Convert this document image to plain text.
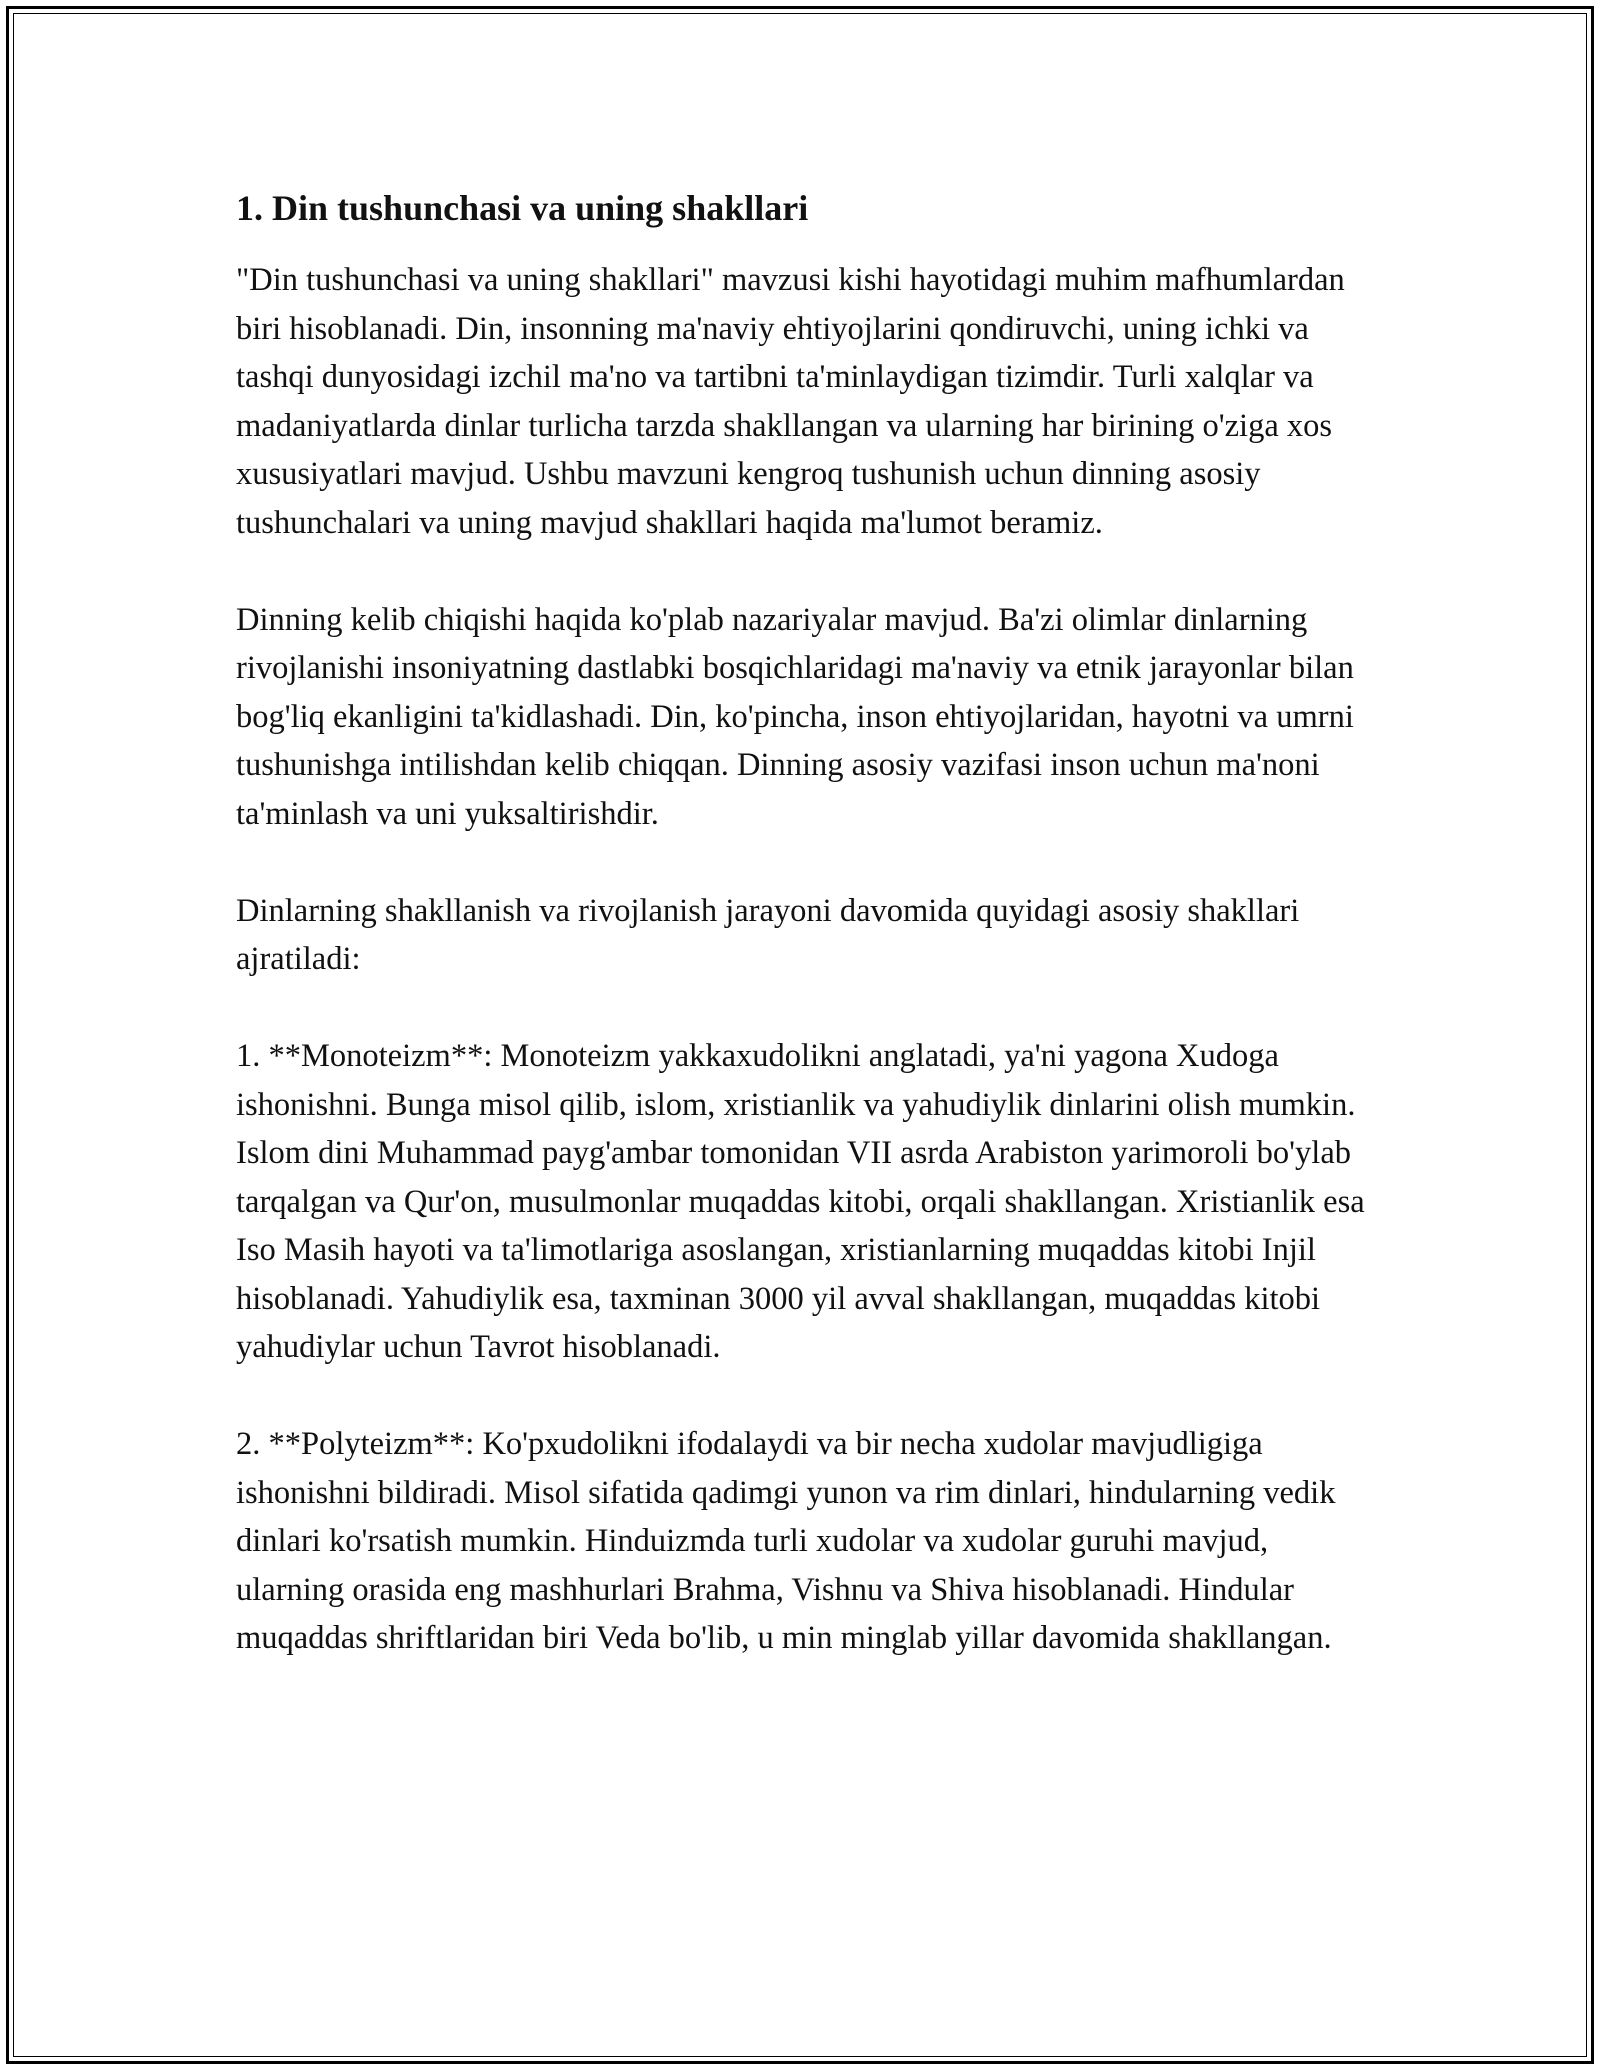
1. Din tushunchasi va uning shakllari

"Din tushunchasi va uning shakllari" mavzusi kishi hayotidagi muhim mafhumlardan biri hisoblanadi. Din, insonning ma'naviy ehtiyojlarini qondiruvchi, uning ichki va tashqi dunyosidagi izchil ma'no va tartibni ta'minlaydigan tizimdir. Turli xalqlar va madaniyatlarda dinlar turlicha tarzda shakllangan va ularning har birining o'ziga xos xususiyatlari mavjud. Ushbu mavzuni kengroq tushunish uchun dinning asosiy tushunchalari va uning mavjud shakllari haqida ma'lumot beramiz.

Dinning kelib chiqishi haqida ko'plab nazariyalar mavjud. Ba'zi olimlar dinlarning rivojlanishi insoniyatning dastlabki bosqichlaridagi ma'naviy va etnik jarayonlar bilan bog'liq ekanligini ta'kidlashadi. Din, ko'pincha, inson ehtiyojlaridan, hayotni va umrni tushunishga intilishdan kelib chiqqan. Dinning asosiy vazifasi inson uchun ma'noni ta'minlash va uni yuksaltirishdir.

Dinlarning shakllanish va rivojlanish jarayoni davomida quyidagi asosiy shakllari ajratiladi:

1. **Monoteizm**: Monoteizm yakkaxudolikni anglatadi, ya'ni yagona Xudoga ishonishni. Bunga misol qilib, islom, xristianlik va yahudiylik dinlarini olish mumkin. Islom dini Muhammad payg'ambar tomonidan VII asrda Arabiston yarimoroli bo'ylab tarqalgan va Qur'on, musulmonlar muqaddas kitobi, orqali shakllangan. Xristianlik esa Iso Masih hayoti va ta'limotlariga asoslangan, xristianlarning muqaddas kitobi Injil hisoblanadi. Yahudiylik esa, taxminan 3000 yil avval shakllangan, muqaddas kitobi yahudiylar uchun Tavrot hisoblanadi.

2. **Polyteizm**: Ko'pxudolikni ifodalaydi va bir necha xudolar mavjudligiga ishonishni bildiradi. Misol sifatida qadimgi yunon va rim dinlari, hindularning vedik dinlari ko'rsatish mumkin. Hinduizmda turli xudolar va xudolar guruhi mavjud, ularning orasida eng mashhurlari Brahma, Vishnu va Shiva hisoblanadi. Hindular muqaddas shriftlaridan biri Veda bo'lib, u min minglab yillar davomida shakllangan.
